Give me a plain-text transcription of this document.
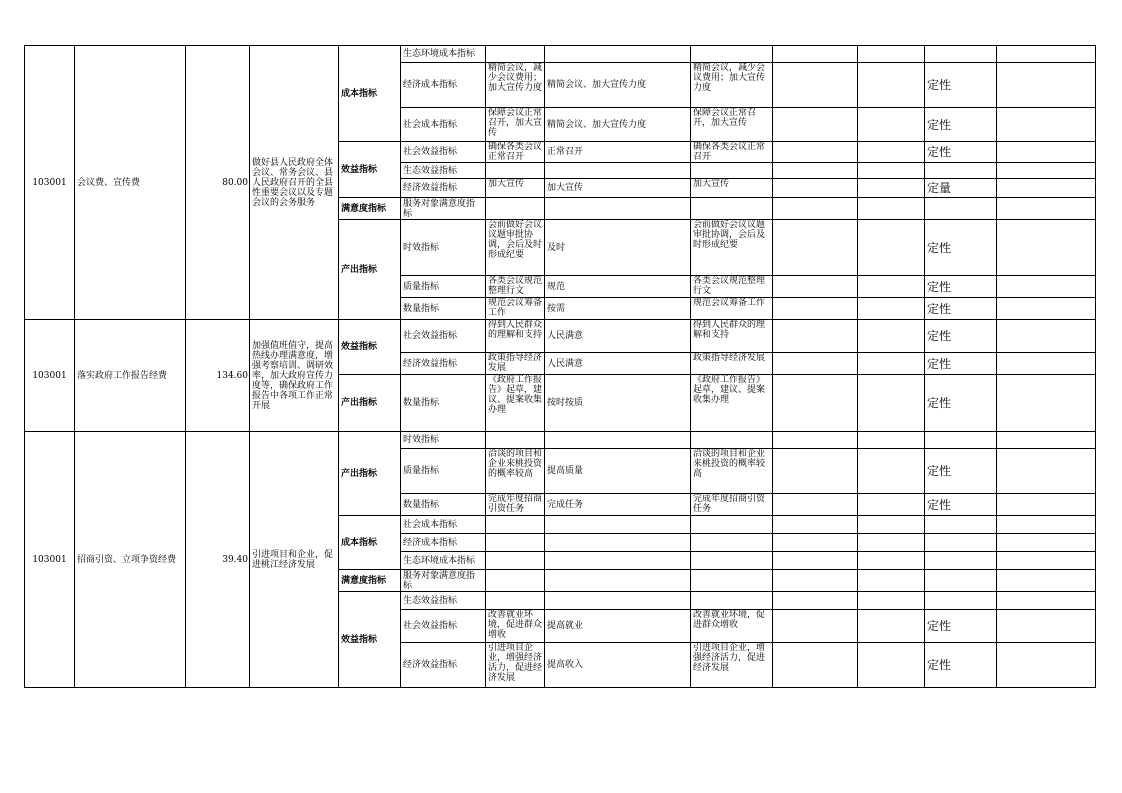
103001	会议费、宣传费	80.00	做好县人民政府全体会议、常务会议、县人民政府召开的全县性重要会议以及专题会议的会务服务	成本指标	生态环境成本指标							
					经济成本指标	精简会议，减少会议费用；加大宣传力度	精简会议、加大宣传力度	精简会议，减少会议费用；加大宣传力度			定性	
					社会成本指标	保障会议正常召开，加大宣传	精简会议、加大宣传力度	保障会议正常召开，加大宣传			定性	
				效益指标	社会效益指标	确保各类会议正常召开	正常召开	确保各类会议正常召开			定性	
					生态效益指标							
					经济效益指标	加大宣传	加大宣传	加大宣传			定量	
				满意度指标	服务对象满意度指标							
				产出指标	时效指标	会前做好会议议题审批协调，会后及时形成纪要	及时	会前做好会议议题审批协调，会后及时形成纪要			定性	
					质量指标	各类会议规范整理行文	规范	各类会议规范整理行文			定性	
					数量指标	规范会议筹备工作	按需	规范会议筹备工作			定性	
103001	落实政府工作报告经费	134.60	加强值班值守，提高热线办理满意度，增强考察培训、调研效率，加大政府宣传力度等，确保政府工作报告中各项工作正常开展	效益指标	社会效益指标	得到人民群众的理解和支持	人民满意	得到人民群众的理解和支持			定性	
					经济效益指标	政策指导经济发展	人民满意	政策指导经济发展			定性	
				产出指标	数量指标	《政府工作报告》起草，建议、提案收集办理	按时按质	《政府工作报告》起草，建议、提案收集办理			定性	
103001	招商引资、立项争资经费	39.40	引进项目和企业，促进桃江经济发展	产出指标	时效指标							
					质量指标	洽谈的项目和企业来桃投资的概率较高	提高质量	洽谈的项目和企业来桃投资的概率较高			定性	
					数量指标	完成年度招商引资任务	完成任务	完成年度招商引资任务			定性	
				成本指标	社会成本指标							
					经济成本指标							
					生态环境成本指标							
				满意度指标	服务对象满意度指标							
				效益指标	生态效益指标							
					社会效益指标	改善就业环境，促进群众增收	提高就业	改善就业环境，促进群众增收			定性	
					经济效益指标	引进项目企业，增强经济活力，促进经济发展	提高收入	引进项目企业，增强经济活力，促进经济发展			定性	
